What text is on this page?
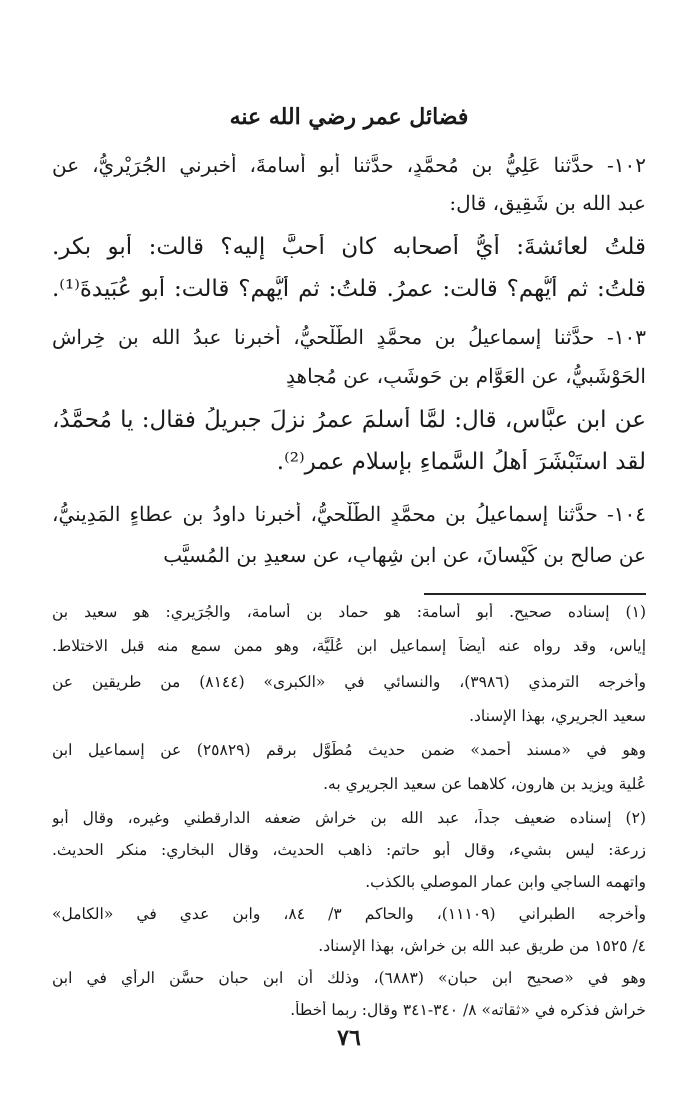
فضائل عمر رضي الله عنه
١٠٢- حدَّثنا عَلِيُّ بن مُحمَّدٍ، حدَّثنا أبو أُسامةَ، أخبرني الجُرَيْرِيُّ، عن
عبد الله بن شَقِيق، قال:
قلتُ لعائشةَ: أيُّ أصحابه كان أحبَّ إليه؟ قالت: أبو بكر.
قلتُ: ثم أيُّهم؟ قالت: عمرُ. قلتُ: ثم أيُّهم؟ قالت: أبو عُبَيدةَ⁽¹⁾.
١٠٣- حدَّثنا إسماعيلُ بن محمَّدٍ الطَّلْحيُّ، أخبرنا عبدُ الله بن خِراش
الحَوْشَبيُّ، عن العَوَّام بن حَوشَبٍ، عن مُجاهدٍ
عن ابن عبَّاسٍ، قال: لمَّا أسلمَ عمرُ نزلَ جبريلُ فقال: يا مُحمَّدُ،
لقد استَبْشَرَ أهلُ السَّماءِ بإسلام عمر⁽²⁾.
١٠٤- حدَّثنا إسماعيلُ بن محمَّدٍ الطَّلْحيُّ، أخبرنا داودُ بن عطاءٍ المَدِينيُّ،
عن صالح بن كَيْسانَ، عن ابن شِهابٍ، عن سعيدِ بن المُسيَّب
(١) إسناده صحيح. أبو أسامة: هو حماد بن أسامة، والجُرَيري: هو سعيد بن
إياس، وقد رواه عنه أيضاً إسماعيل ابن عُلَيَّة، وهو ممن سمع منه قبل الاختلاط.
وأخرجه الترمذي (٣٩٨٦)، والنسائي في «الكبرى» (٨١٤٤) من طريقين عن
سعيد الجريري، بهذا الإسناد.
وهو في «مسند أحمد» ضمن حديث مُطَوَّل برقم (٢٥٨٢٩) عن إسماعيل ابن
عُلية ويزيد بن هارون، كلاهما عن سعيد الجريري به.
(٢) إسناده ضعيف جداً، عبد الله بن خراش ضعفه الدارقطني وغيره، وقال أبو
زرعة: ليس بشيء، وقال أبو حاتم: ذاهب الحديث، وقال البخاري: منكر الحديث.
واتهمه الساجي وابن عمار الموصلي بالكذب.
وأخرجه الطبراني (١١١٠٩)، والحاكم ٣/ ٨٤، وابن عدي في «الكامل»
٤/ ١٥٢٥ من طريق عبد الله بن خراش، بهذا الإسناد.
وهو في «صحيح ابن حبان» (٦٨٨٣)، وذلك أن ابن حبان حسَّن الرأي في ابن
خراش فذكره في «ثقاته» ٨/ ٣٤٠-٣٤١ وقال: ربما أخطأ.
٧٦
